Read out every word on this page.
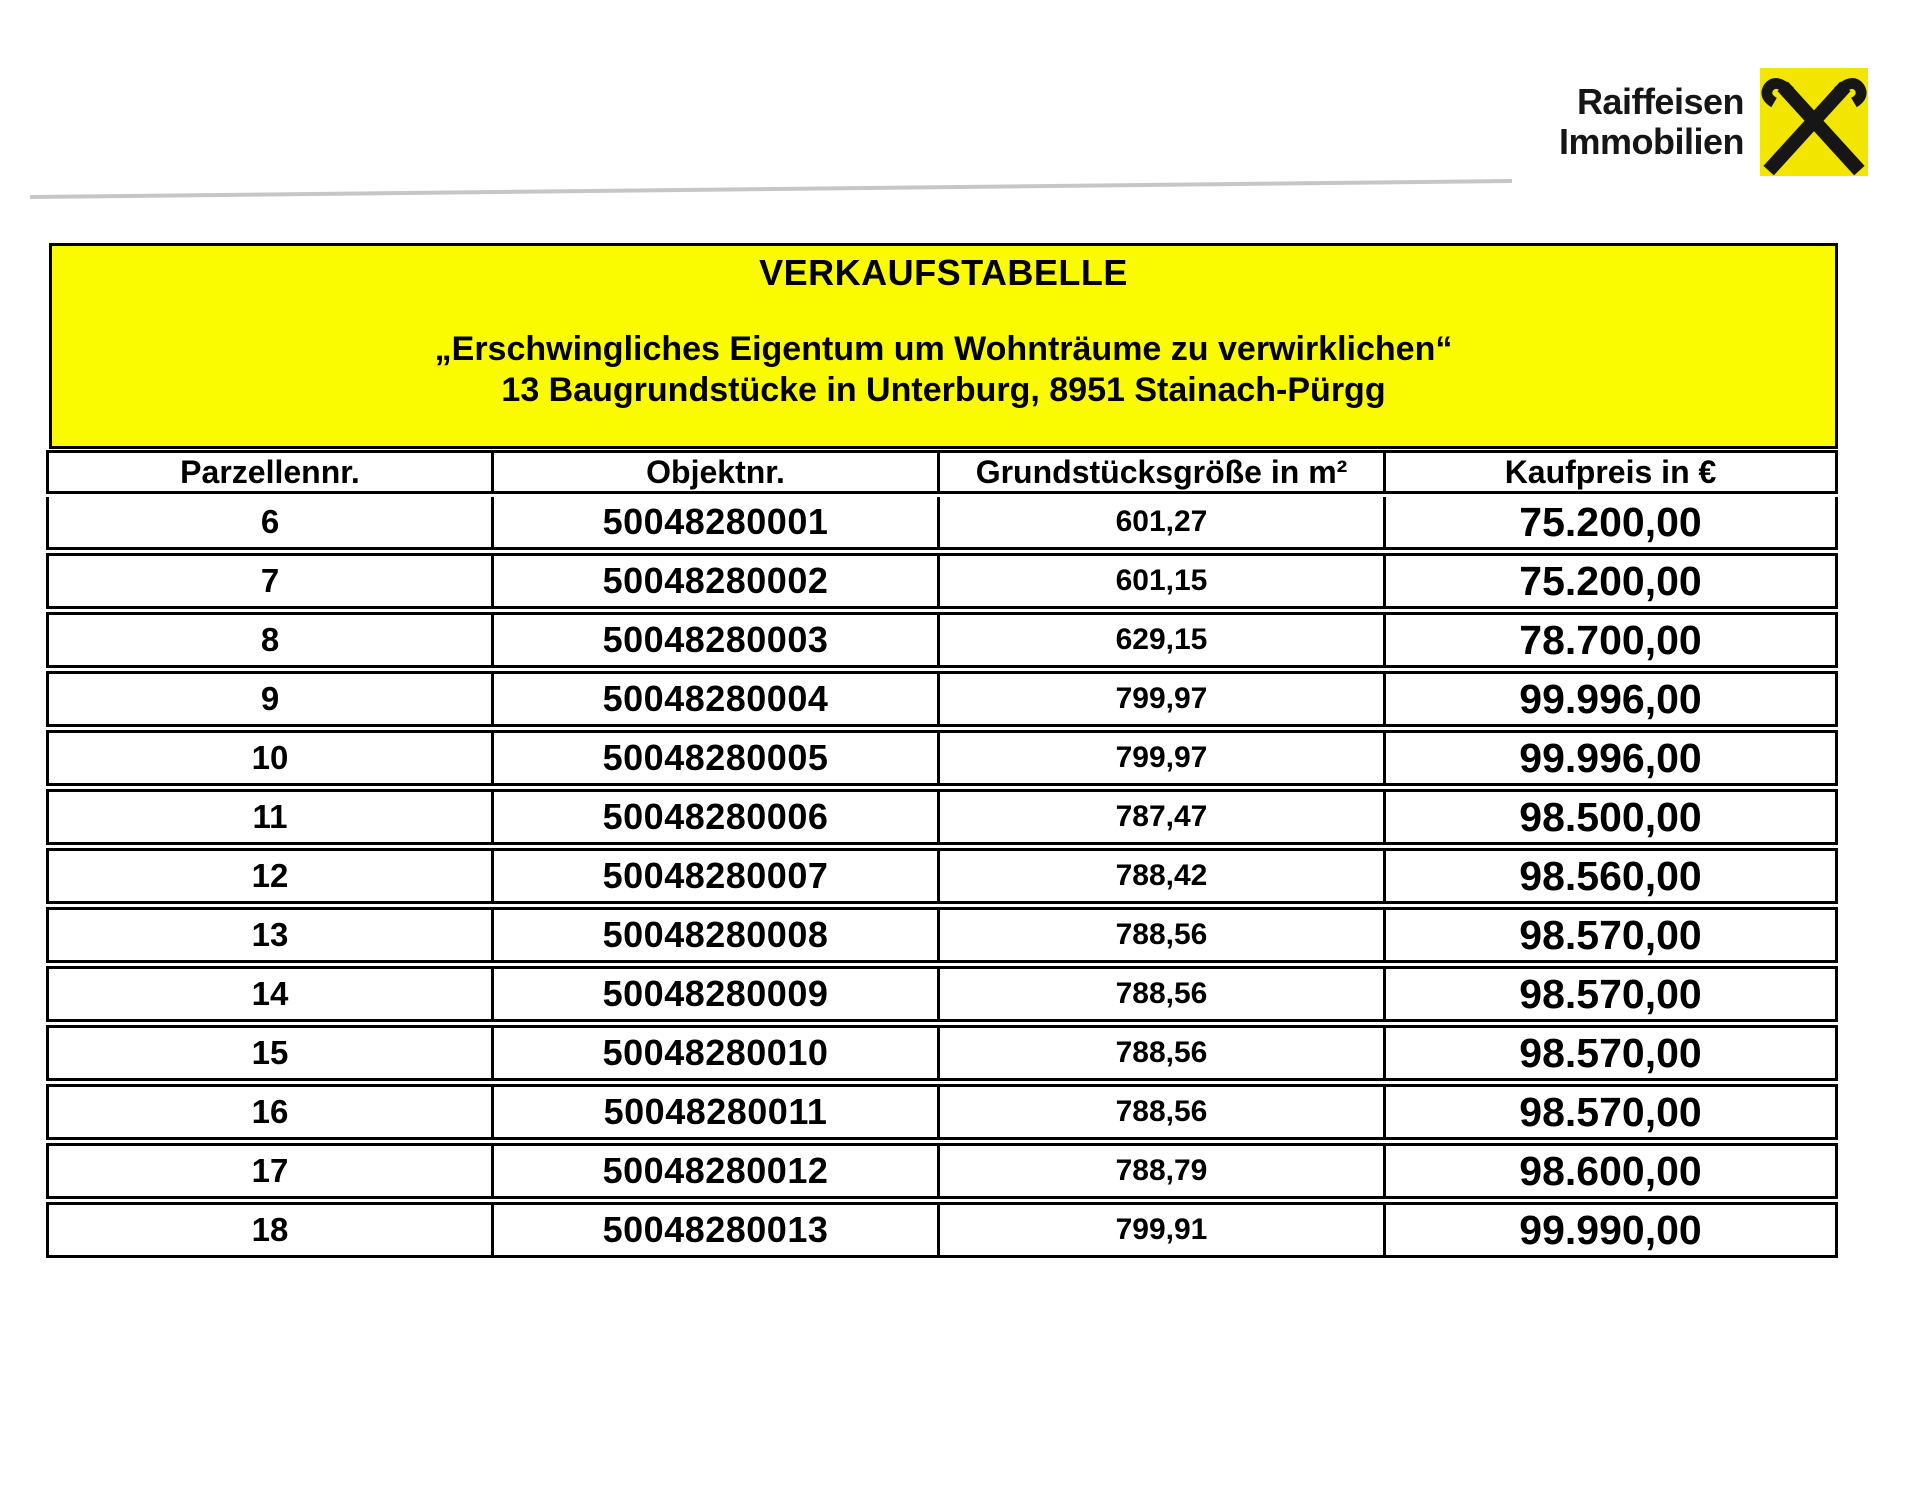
Raiffeisen
Immobilien
VERKAUFSTABELLE

„Erschwingliches Eigentum um Wohnträume zu verwirklichen“

13 Baugrundstücke in Unterburg, 8951 Stainach-Pürgg

Parzellennr.	Objektnr.	Grundstücksgröße in m²	Kaufpreis in €
6	50048280001	601,27	75.200,00
7	50048280002	601,15	75.200,00
8	50048280003	629,15	78.700,00
9	50048280004	799,97	99.996,00
10	50048280005	799,97	99.996,00
11	50048280006	787,47	98.500,00
12	50048280007	788,42	98.560,00
13	50048280008	788,56	98.570,00
14	50048280009	788,56	98.570,00
15	50048280010	788,56	98.570,00
16	50048280011	788,56	98.570,00
17	50048280012	788,79	98.600,00
18	50048280013	799,91	99.990,00
